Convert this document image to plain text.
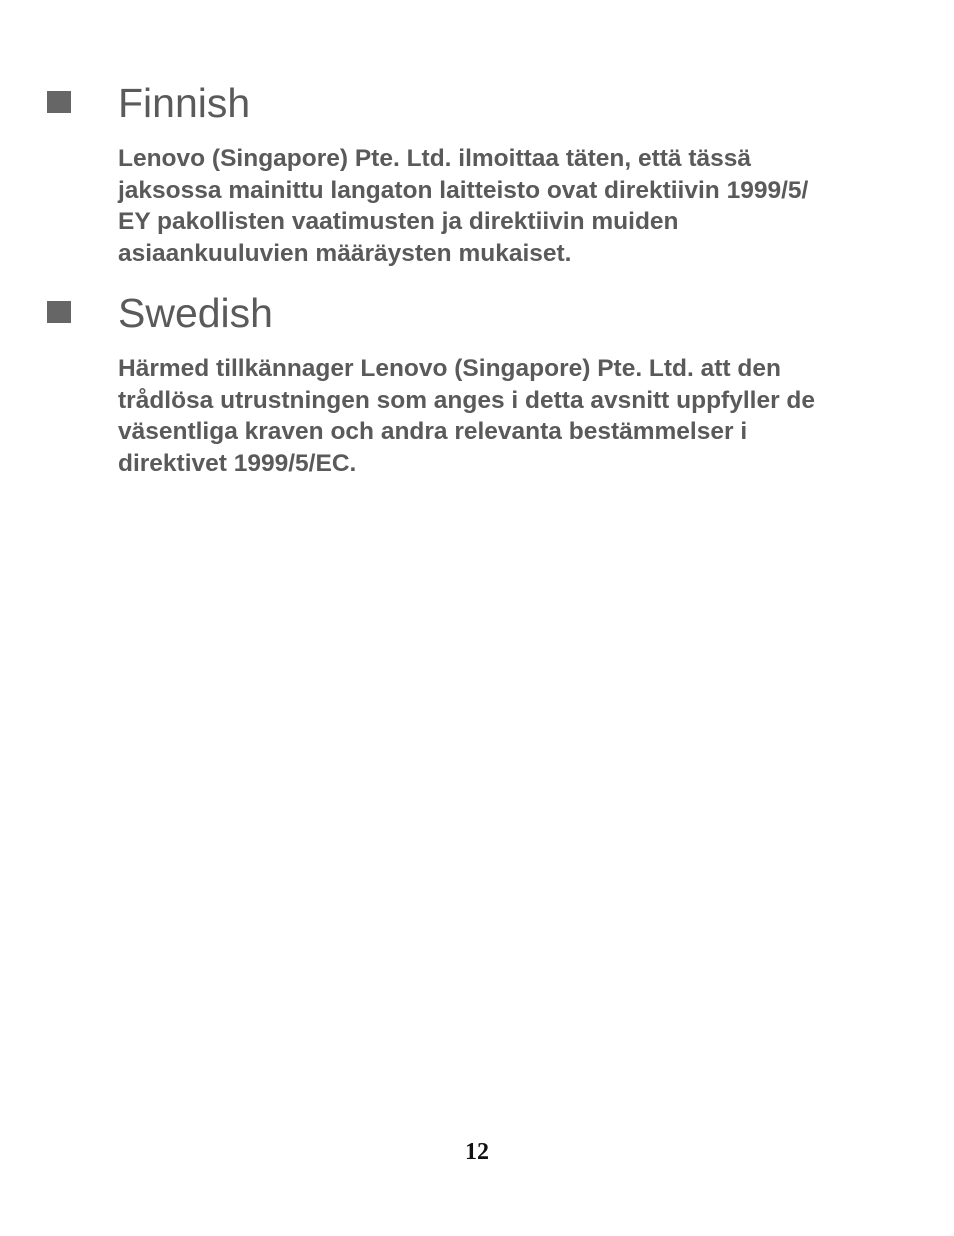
Finnish

Lenovo (Singapore) Pte. Ltd. ilmoittaa täten, että tässä
jaksossa mainittu langaton laitteisto ovat direktiivin 1999/5/
EY pakollisten vaatimusten ja direktiivin muiden
asiaankuuluvien määräysten mukaiset.

Swedish

Härmed tillkännager Lenovo (Singapore) Pte. Ltd. att den
trådlösa utrustningen som anges i detta avsnitt uppfyller de
väsentliga kraven och andra relevanta bestämmelser i
direktivet 1999/5/EC.

12
